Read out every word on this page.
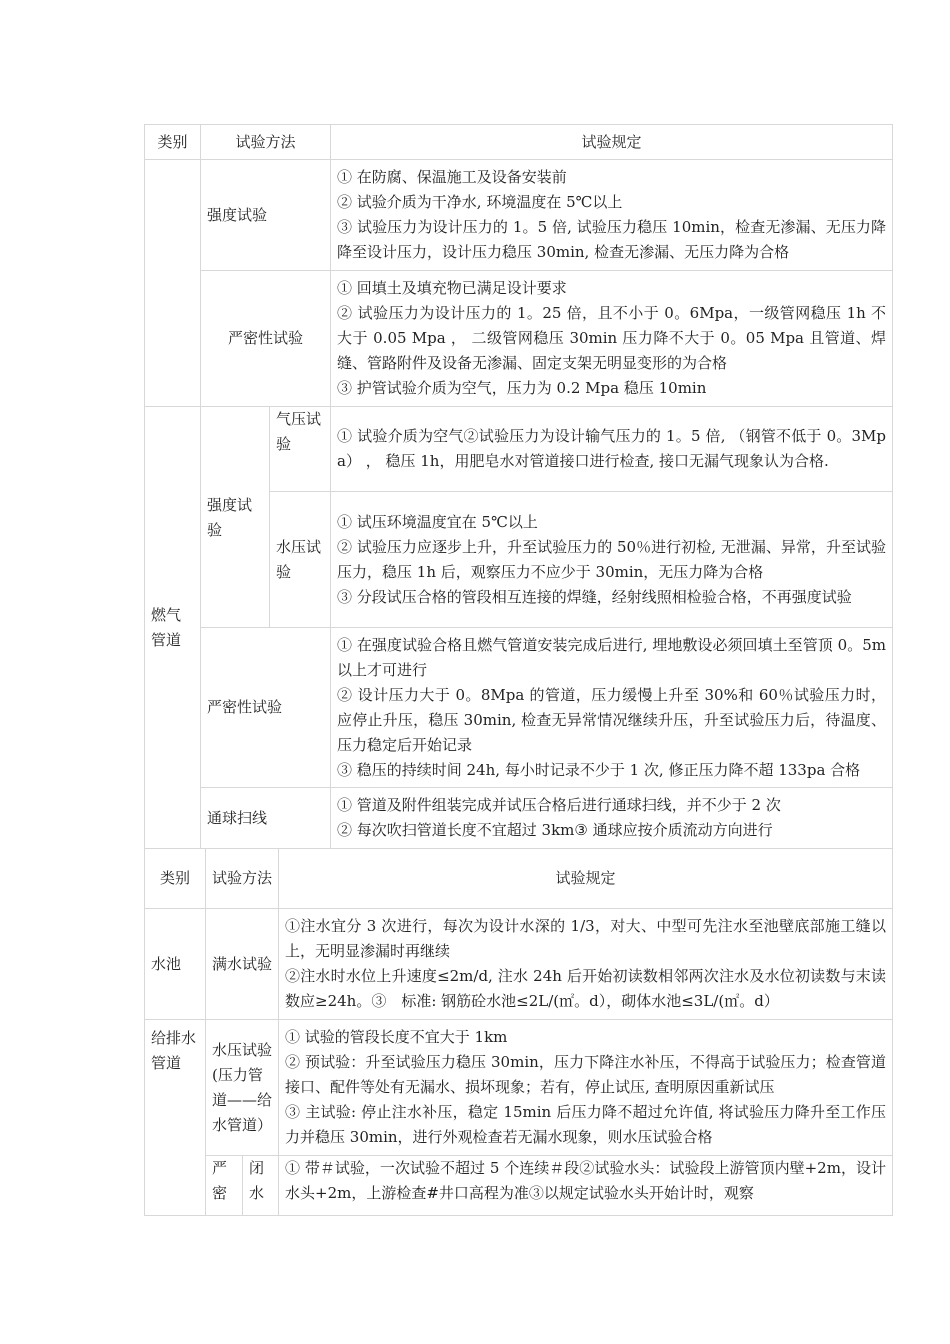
类别	试验方法		试验规定
	强度试验		① 在防腐、保温施工及设备安装前

② 试验介质为干净水, 环境温度在 5℃以上

③ 试验压力为设计压力的 1。5 倍, 试验压力稳压 10min，检查无渗漏、无压力降降至设计压力，设计压力稳压 30min, 检查无渗漏、无压力降为合格

	严密性试验		① 回填土及填充物已满足设计要求

② 试验压力为设计压力的 1。25 倍，且不小于 0。6Mpa，一级管网稳压 1h 不大于 0.05 Mpa ， 二级管网稳压 30min 压力降不大于 0。05 Mpa 且管道、焊缝、管路附件及设备无渗漏、固定支架无明显变形的为合格

③ 护管试验介质为空气，压力为 0.2 Mpa 稳压 10min

燃气管道	强度试验	气压试验	① 试验介质为空气②试验压力为设计输气压力的 1。5 倍, （钢管不低于 0。3Mpa） ， 稳压 1h，用肥皂水对管道接口进行检查, 接口无漏气现象认为合格.

		水压试验	① 试压环境温度宜在 5℃以上

② 试验压力应逐步上升，升至试验压力的 50％进行初检, 无泄漏、异常，升至试验压力，稳压 1h 后，观察压力不应少于 30min，无压力降为合格

③ 分段试压合格的管段相互连接的焊缝，经射线照相检验合格，不再强度试验

	严密性试验		① 在强度试验合格且燃气管道安装完成后进行, 埋地敷设必须回填土至管顶 0。5m 以上才可进行

② 设计压力大于 0。8Mpa 的管道，压力缓慢上升至 30%和 60％试验压力时，应停止升压，稳压 30min, 检查无异常情况继续升压，升至试验压力后，待温度、压力稳定后开始记录

③ 稳压的持续时间 24h, 每小时记录不少于 1 次, 修正压力降不超 133pa 合格

	通球扫线		① 管道及附件组装完成并试压合格后进行通球扫线，并不少于 2 次

② 每次吹扫管道长度不宜超过 3km③ 通球应按介质流动方向进行

类别	试验方法		试验规定
水池	满水试验		①注水宜分 3 次进行，每次为设计水深的 1/3，对大、中型可先注水至池壁底部施工缝以上，无明显渗漏时再继续

②注水时水位上升速度≤2m/d, 注水 24h 后开始初读数相邻两次注水及水位初读数与末读数应≥24h。③　标准: 钢筋砼水池≤2L/(㎡。d），砌体水池≤3L/(㎡。d）

给排水管道	水压试验(压力管道——给水管道）		① 试验的管段长度不宜大于 1km

② 预试验：升至试验压力稳压 30min，压力下降注水补压，不得高于试验压力；检查管道接口、配件等处有无漏水、损坏现象；若有，停止试压, 查明原因重新试压

③ 主试验: 停止注水补压，稳定 15min 后压力降不超过允许值, 将试验压力降升至工作压力并稳压 30min，进行外观检查若无漏水现象，则水压试验合格

	严密	闭水	① 带＃试验，一次试验不超过 5 个连续＃段②试验水头：试验段上游管顶内壁+2m，设计水头+2m，上游检查#井口高程为准③以规定试验水头开始计时，观察
